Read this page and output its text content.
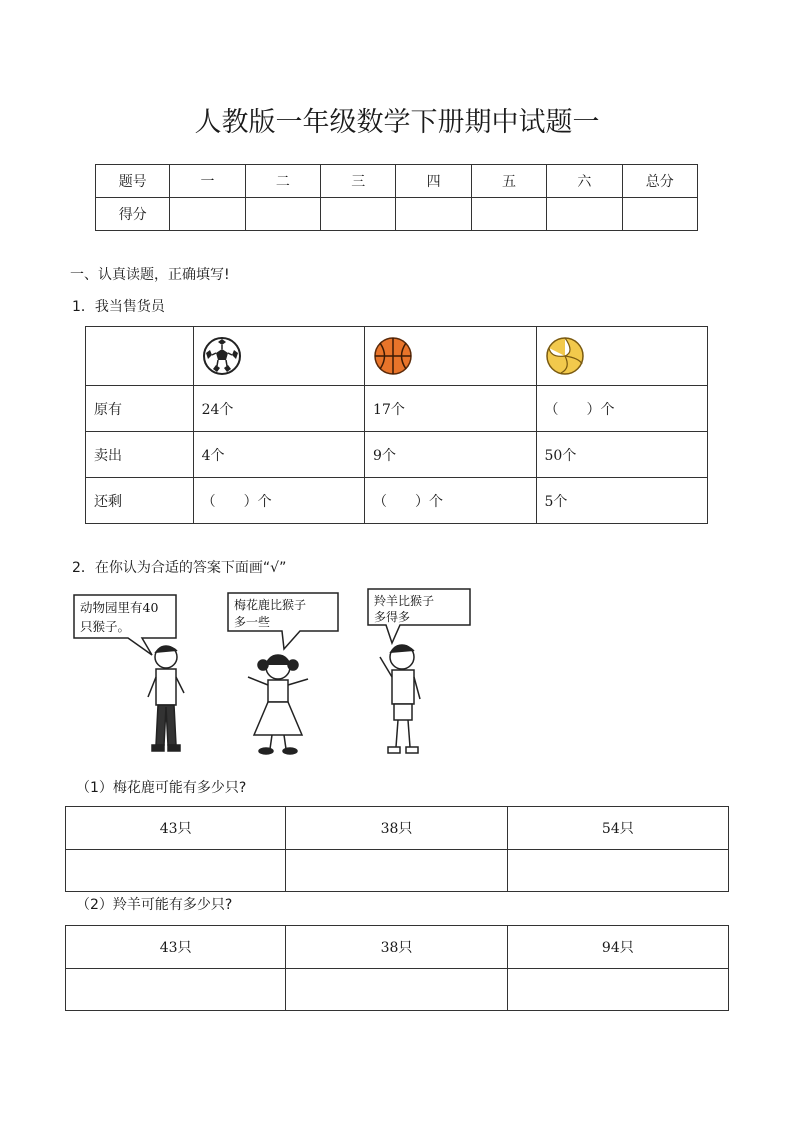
人教版一年级数学下册期中试题一
题号	一	二	三	四	五	六	总分
得分							
一、认真读题，正确填写!
1．我当售货员

原有	24个	17个	（　　）个
卖出	4个	9个	50个
还剩	（　　）个	（　　）个	5个
2．在你认为合适的答案下面画“√”
动物园里有40
只猴子。
梅花鹿比猴子
多一些
羚羊比猴子
多得多
（1）梅花鹿可能有多少只?
43只	38只	54只

（2）羚羊可能有多少只?
43只	38只	94只
